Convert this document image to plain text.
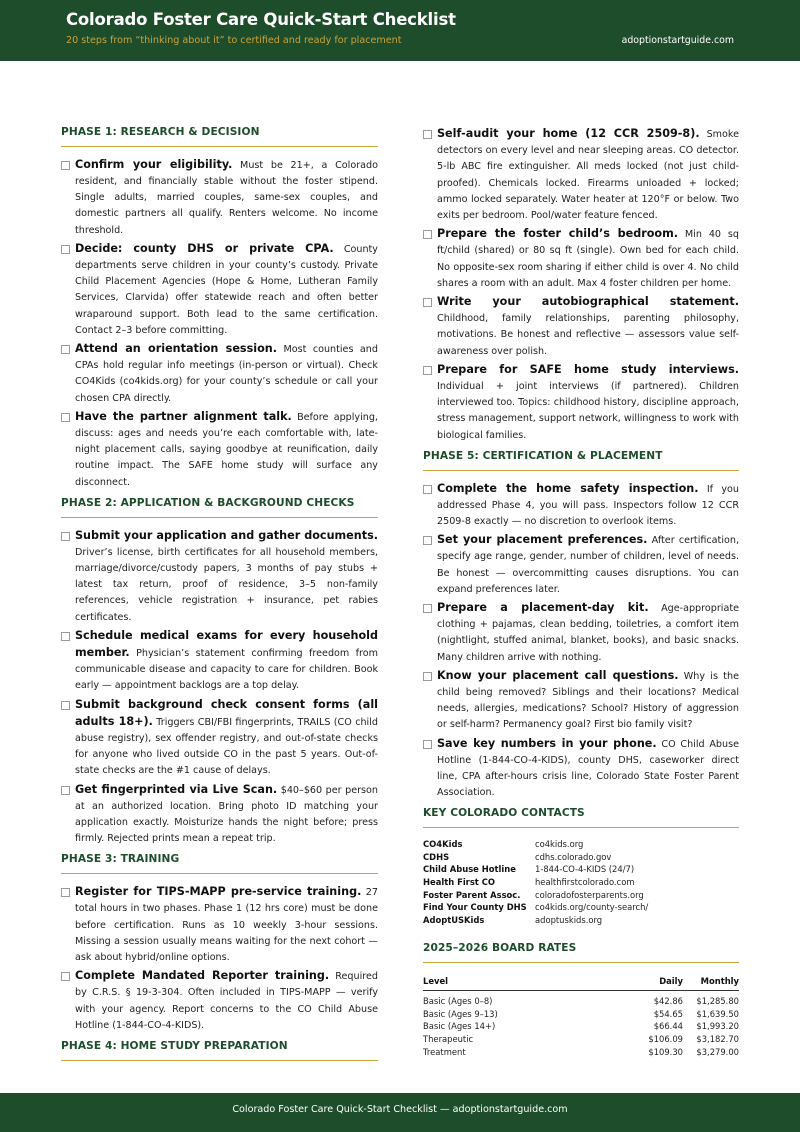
Colorado Foster Care Quick-Start Checklist
20 steps from “thinking about it” to certified and ready for placement	adoptionstartguide.com
PHASE 1: RESEARCH & DECISION
Confirm your eligibility. Must be 21+, a Colorado resident, and financially stable without the foster stipend. Single adults, married couples, same-sex couples, and domestic partners all qualify. Renters welcome. No income threshold.
Decide: county DHS or private CPA. County departments serve children in your county’s custody. Private Child Placement Agencies (Hope & Home, Lutheran Family Services, Clarvida) offer statewide reach and often better wraparound support. Both lead to the same certification. Contact 2–3 before committing.
Attend an orientation session. Most counties and CPAs hold regular info meetings (in-person or virtual). Check CO4Kids (co4kids.org) for your county’s schedule or call your chosen CPA directly.
Have the partner alignment talk. Before applying, discuss: ages and needs you’re each comfortable with, late-night placement calls, saying goodbye at reunification, daily routine impact. The SAFE home study will surface any disconnect.
PHASE 2: APPLICATION & BACKGROUND CHECKS
Submit your application and gather documents. Driver’s license, birth certificates for all household members, marriage/divorce/custody papers, 3 months of pay stubs + latest tax return, proof of residence, 3–5 non-family references, vehicle registration + insurance, pet rabies certificates.
Schedule medical exams for every household member. Physician’s statement confirming freedom from communicable disease and capacity to care for children. Book early — appointment backlogs are a top delay.
Submit background check consent forms (all adults 18+). Triggers CBI/FBI fingerprints, TRAILS (CO child abuse registry), sex offender registry, and out-of-state checks for anyone who lived outside CO in the past 5 years. Out-of-state checks are the #1 cause of delays.
Get fingerprinted via Live Scan. $40–$60 per person at an authorized location. Bring photo ID matching your application exactly. Moisturize hands the night before; press firmly. Rejected prints mean a repeat trip.
PHASE 3: TRAINING
Register for TIPS-MAPP pre-service training. 27 total hours in two phases. Phase 1 (12 hrs core) must be done before certification. Runs as 10 weekly 3-hour sessions. Missing a session usually means waiting for the next cohort — ask about hybrid/online options.
Complete Mandated Reporter training. Required by C.R.S. § 19-3-304. Often included in TIPS-MAPP — verify with your agency. Report concerns to the CO Child Abuse Hotline (1-844-CO-4-KIDS).
PHASE 4: HOME STUDY PREPARATION
Self-audit your home (12 CCR 2509-8). Smoke detectors on every level and near sleeping areas. CO detector. 5-lb ABC fire extinguisher. All meds locked (not just child-proofed). Chemicals locked. Firearms unloaded + locked; ammo locked separately. Water heater at 120°F or below. Two exits per bedroom. Pool/water feature fenced.
Prepare the foster child’s bedroom. Min 40 sq ft/child (shared) or 80 sq ft (single). Own bed for each child. No opposite-sex room sharing if either child is over 4. No child shares a room with an adult. Max 4 foster children per home.
Write your autobiographical statement. Childhood, family relationships, parenting philosophy, motivations. Be honest and reflective — assessors value self-awareness over polish.
Prepare for SAFE home study interviews. Individual + joint interviews (if partnered). Children interviewed too. Topics: childhood history, discipline approach, stress management, support network, willingness to work with biological families.
PHASE 5: CERTIFICATION & PLACEMENT
Complete the home safety inspection. If you addressed Phase 4, you will pass. Inspectors follow 12 CCR 2509-8 exactly — no discretion to overlook items.
Set your placement preferences. After certification, specify age range, gender, number of children, level of needs. Be honest — overcommitting causes disruptions. You can expand preferences later.
Prepare a placement-day kit. Age-appropriate clothing + pajamas, clean bedding, toiletries, a comfort item (nightlight, stuffed animal, blanket, books), and basic snacks. Many children arrive with nothing.
Know your placement call questions. Why is the child being removed? Siblings and their locations? Medical needs, allergies, medications? School? History of aggression or self-harm? Permanency goal? First bio family visit?
Save key numbers in your phone. CO Child Abuse Hotline (1-844-CO-4-KIDS), county DHS, caseworker direct line, CPA after-hours crisis line, Colorado State Foster Parent Association.
KEY COLORADO CONTACTS
CO4Kids	co4kids.org
CDHS	cdhs.colorado.gov
Child Abuse Hotline	1-844-CO-4-KIDS (24/7)
Health First CO	healthfirstcolorado.com
Foster Parent Assoc.	coloradofosterparents.org
Find Your County DHS co4kids.org/county-search/
AdoptUSKids	adoptuskids.org
2025–2026 BOARD RATES
Level	Daily	Monthly
Basic (Ages 0–8)	$42.86	$1,285.80
Basic (Ages 9–13)	$54.65	$1,639.50
Basic (Ages 14+)	$66.44	$1,993.20
Therapeutic	$106.09	$3,182.70
Treatment	$109.30	$3,279.00
Colorado Foster Care Quick-Start Checklist — adoptionstartguide.com
